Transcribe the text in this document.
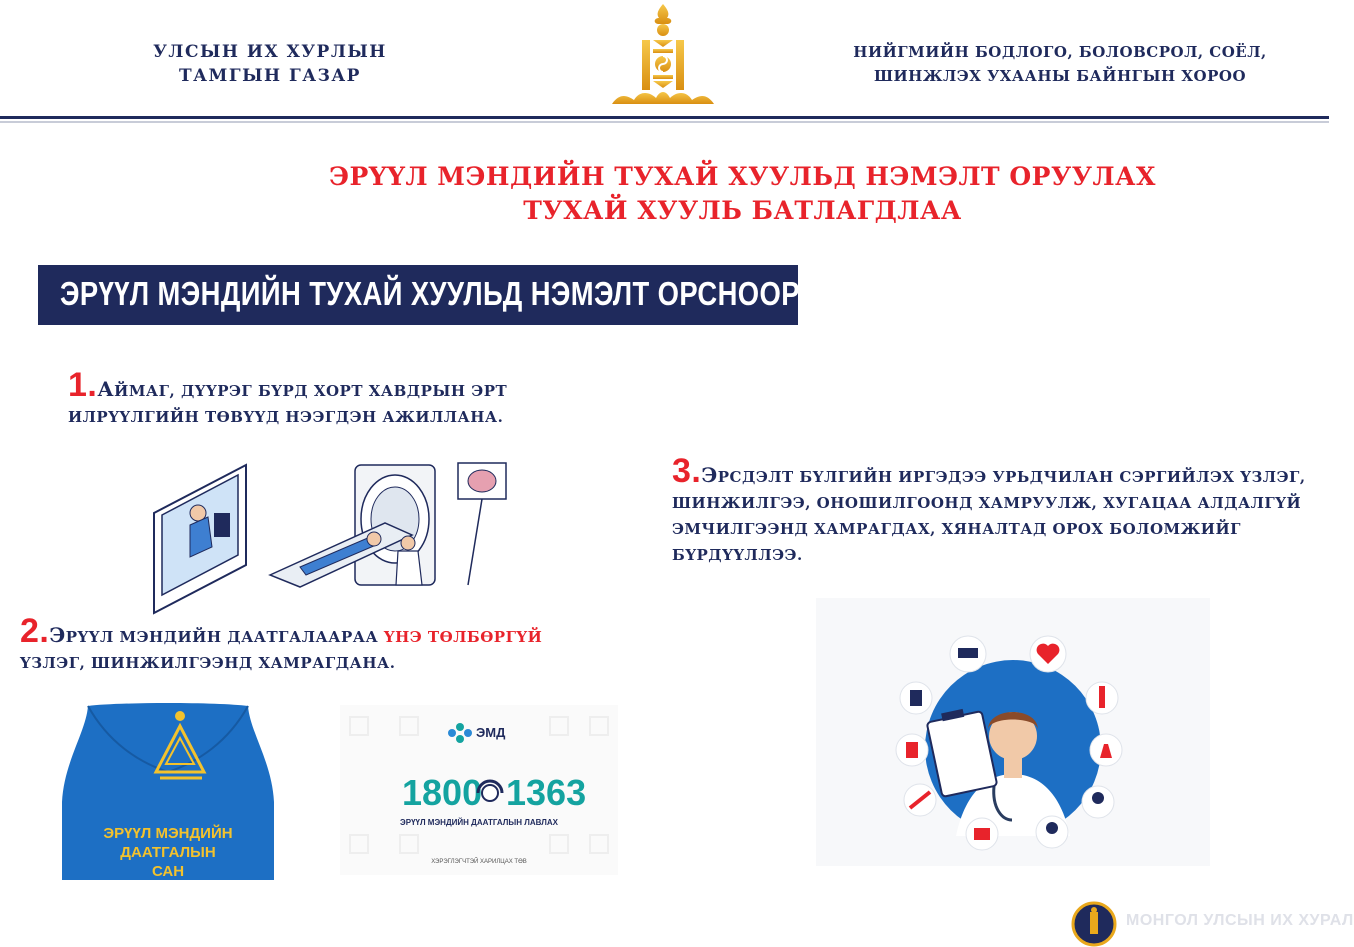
УЛСЫН ИХ ХУРЛЫН
ТАМГЫН ГАЗАР
НИЙГМИЙН БОДЛОГО, БОЛОВСРОЛ, СОЁЛ,
ШИНЖЛЭХ УХААНЫ БАЙНГЫН ХОРОО
ЭРҮҮЛ МЭНДИЙН ТУХАЙ ХУУЛЬД НЭМЭЛТ ОРУУЛАХ
ТУХАЙ ХУУЛЬ БАТЛАГДЛАА
ЭРҮҮЛ МЭНДИЙН ТУХАЙ ХУУЛЬД НЭМЭЛТ ОРСНООР :
1.АЙМАГ, ДҮҮРЭГ БҮРД ХОРТ ХАВДРЫН ЭРТ
ИЛРҮҮЛГИЙН ТӨВҮҮД НЭЭГДЭН АЖИЛЛАНА.
2.ЭРҮҮЛ МЭНДИЙН ДААТГАЛААРАА ҮНЭ ТӨЛБӨРГҮЙ
ҮЗЛЭГ, ШИНЖИЛГЭЭНД ХАМРАГДАНА.
3.ЭРСДЭЛТ БҮЛГИЙН ИРГЭДЭЭ УРЬДЧИЛАН СЭРГИЙЛЭХ ҮЗЛЭГ,
ШИНЖИЛГЭЭ, ОНОШИЛГООНД ХАМРУУЛЖ, ХУГАЦАА АЛДАЛГҮЙ
ЭМЧИЛГЭЭНД ХАМРАГДАХ, ХЯНАЛТАД ОРОХ БОЛОМЖИЙГ
БҮРДҮҮЛЛЭЭ.
ЭРҮҮЛ МЭНДИЙН
ДААТГАЛЫН
САН
ЭМД
1800 1363
ЭРҮҮЛ МЭНДИЙН ДААТГАЛЫН ЛАВЛАХ
ХЭРЭГЛЭГЧТЭЙ ХАРИЛЦАХ ТӨВ
МОНГОЛ УЛСЫН ИХ ХУРАЛ
